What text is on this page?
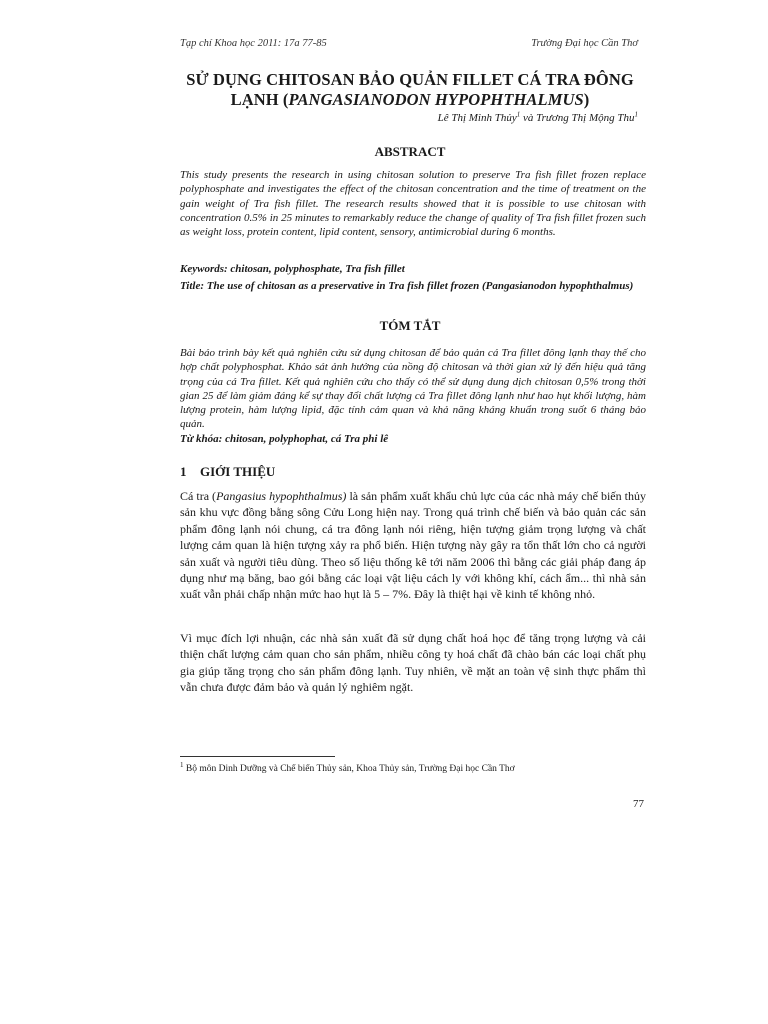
Tạp chí Khoa học 2011: 17a 77-85	Trường Đại học Cần Thơ
SỬ DỤNG CHITOSAN BẢO QUẢN FILLET CÁ TRA ĐÔNG
LẠNH (PANGASIANODON HYPOPHTHALMUS)
Lê Thị Minh Thủy$^1$ và Trương Thị Mộng Thu$^1$
ABSTRACT

This study presents the research in using chitosan solution to preserve Tra fish fillet frozen replace polyphosphate and investigates the effect of the chitosan concentration and the time of treatment on the gain weight of Tra fish fillet. The research results showed that it is possible to use chitosan with concentration 0.5% in 25 minutes to remarkably reduce the change of quality of Tra fish fillet frozen such as weight loss, protein content, lipid content, sensory, antimicrobial during 6 months.

Keywords: chitosan, polyphosphate, Tra fish fillet

Title: The use of chitosan as a preservative in Tra fish fillet frozen (Pangasianodon hypophthalmus)

TÓM TẮT

Bài báo trình bày kết quả nghiên cứu sử dụng chitosan để bảo quản cá Tra fillet đông lạnh thay thế cho hợp chất polyphosphat. Khảo sát ảnh hưởng của nồng độ chitosan và thời gian xử lý đến hiệu quả tăng trọng của cá Tra fillet. Kết quả nghiên cứu cho thấy có thể sử dụng dung dịch chitosan 0,5% trong thời gian 25 để làm giảm đáng kể sự thay đổi chất lượng cá Tra fillet đông lạnh như hao hụt khối lượng, hàm lượng protein, hàm lượng lipid, đặc tính cảm quan và khả năng kháng khuẩn trong suốt 6 tháng bảo quản.

Từ khóa: chitosan, polyphophat, cá Tra phi lê

1 GIỚI THIỆU

Cá tra (Pangasius hypophthalmus) là sản phẩm xuất khẩu chủ lực của các nhà máy chế biến thủy sản khu vực đồng bằng sông Cửu Long hiện nay. Trong quá trình chế biến và bảo quản các sản phẩm đông lạnh nói chung, cá tra đông lạnh nói riêng, hiện tượng giảm trọng lượng và chất lượng cảm quan là hiện tượng xảy ra phổ biến. Hiện tượng này gây ra tổn thất lớn cho cả người sản xuất và người tiêu dùng. Theo số liệu thống kê tới năm 2006 thì bằng các giải pháp đang áp dụng như mạ băng, bao gói bằng các loại vật liệu cách ly với không khí, cách ẩm... thì nhà sản xuất vẫn phải chấp nhận mức hao hụt là 5 – 7%. Đây là thiệt hại về kinh tế không nhỏ.

Vì mục đích lợi nhuận, các nhà sản xuất đã sử dụng chất hoá học để tăng trọng lượng và cải thiện chất lượng cảm quan cho sản phẩm, nhiều công ty hoá chất đã chào bán các loại chất phụ gia giúp tăng trọng cho sản phẩm đông lạnh. Tuy nhiên, về mặt an toàn vệ sinh thực phẩm thì vẫn chưa được đảm bảo và quản lý nghiêm ngặt.

$^1$ Bộ môn Dinh Dưỡng và Chế biến Thủy sản, Khoa Thủy sản, Trường Đại học Cần Thơ
77
